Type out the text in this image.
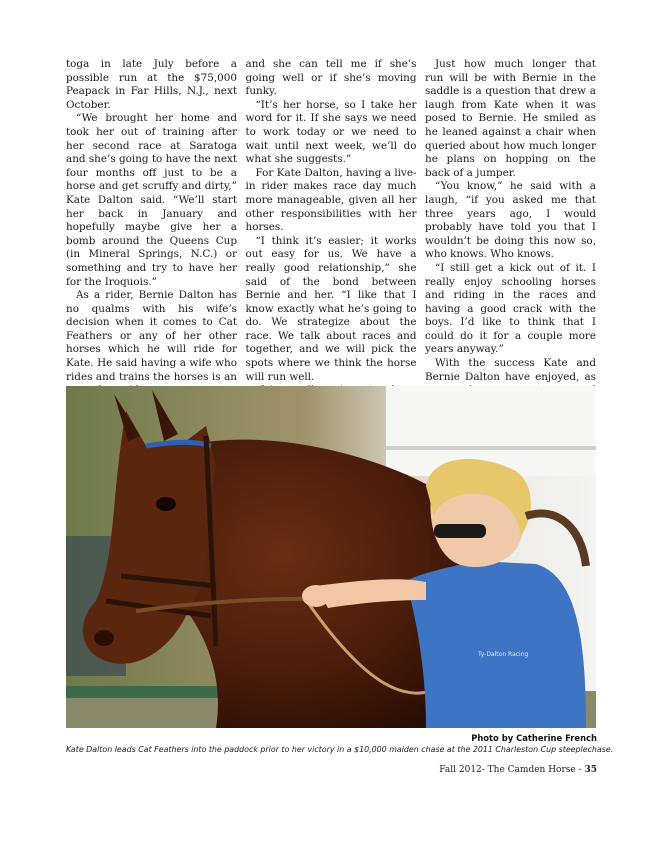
toga in late July before a possible run at the $75,000 Peapack in Far Hills, N.J., next October.

“We brought her home and took her out of training after her second race at Saratoga and she’s going to have the next four months off just to be a horse and get scruffy and dirty,” Kate Dalton said. “We’ll start her back in January and hopefully maybe give her a bomb around the Queens Cup (in Mineral Springs, N.C.) or something and try to have her for the Iroquois.”

As a rider, Bernie Dalton has no qualms with his wife’s decision when it comes to Cat Feathers or any of her other horses which he will ride for Kate. He said having a wife who rides and trains the horses is an

and she can tell me if she’s going well or if she’s moving funky.

“It’s her horse, so I take her word for it. If she says we need to work today or we need to wait until next week, we’ll do what she suggests.”

For Kate Dalton, having a live-in rider makes race day much more manageable, given all her other responsibilities with her horses.

“I think it’s easier; it works out easy for us. We have a really good relationship,” she said of the bond between Bernie and her. “I like that I know exactly what he’s going to do. We strategize about the race. We talk about races and together, and we will pick the spots where we think the horse will run well.

Just how much longer that run will be with Bernie in the saddle is a question that drew a laugh from Kate when it was posed to Bernie. He smiled as he leaned against a chair when queried about how much longer he plans on hopping on the back of a jumper.

“You know,” he said with a laugh, “if you asked me that three years ago, I would probably have told you that I wouldn’t be doing this now so, who knows. Who knows.

“I still get a kick out of it. I really enjoy schooling horses and riding in the races and having a good crack with the boys. I’d like to think that I could do it for a couple more years anyway.”

With the success Kate and Bernie Dalton have enjoyed, as

Ty-Dalton Racing
Photo by Catherine French
Kate Dalton leads Cat Feathers into the paddock prior to her victory in a $10,000 maiden chase at the 2011 Charleston Cup steeplechase.
Fall 2012- The Camden Horse - 35
